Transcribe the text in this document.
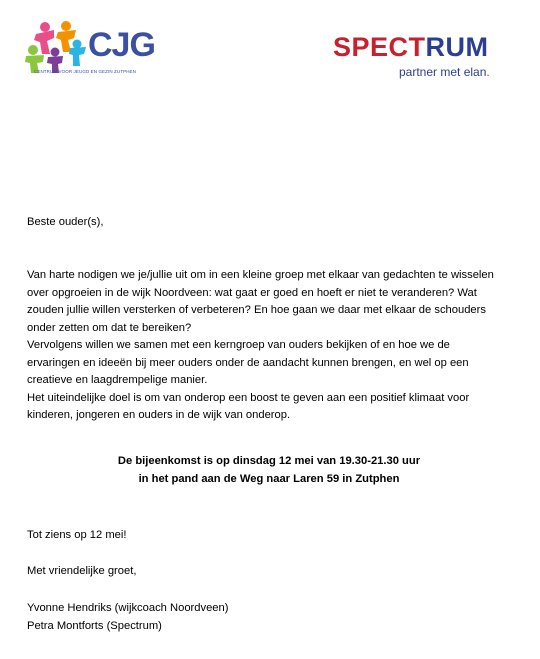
CJG
CENTRUM VOOR JEUGD EN GEZIN ZUTPHEN
SPECTRUM
partner met elan.
Beste ouder(s),
Van harte nodigen we je/jullie uit om in een kleine groep met elkaar van gedachten te wisselen
over opgroeien in de wijk Noordveen: wat gaat er goed en hoeft er niet te veranderen? Wat
zouden jullie willen versterken of verbeteren? En hoe gaan we daar met elkaar de schouders
onder zetten om dat te bereiken?
Vervolgens willen we samen met een kerngroep van ouders bekijken of en hoe we de
ervaringen en ideeën bij meer ouders onder de aandacht kunnen brengen, en wel op een
creatieve en laagdrempelige manier.
Het uiteindelijke doel is om van onderop een boost te geven aan een positief klimaat voor
kinderen, jongeren en ouders in de wijk van onderop.
De bijeenkomst is op dinsdag 12 mei van 19.30-21.30 uur
in het pand aan de Weg naar Laren 59 in Zutphen
Tot ziens op 12 mei!
Met vriendelijke groet,
Yvonne Hendriks (wijkcoach Noordveen)
Petra Montforts (Spectrum)
